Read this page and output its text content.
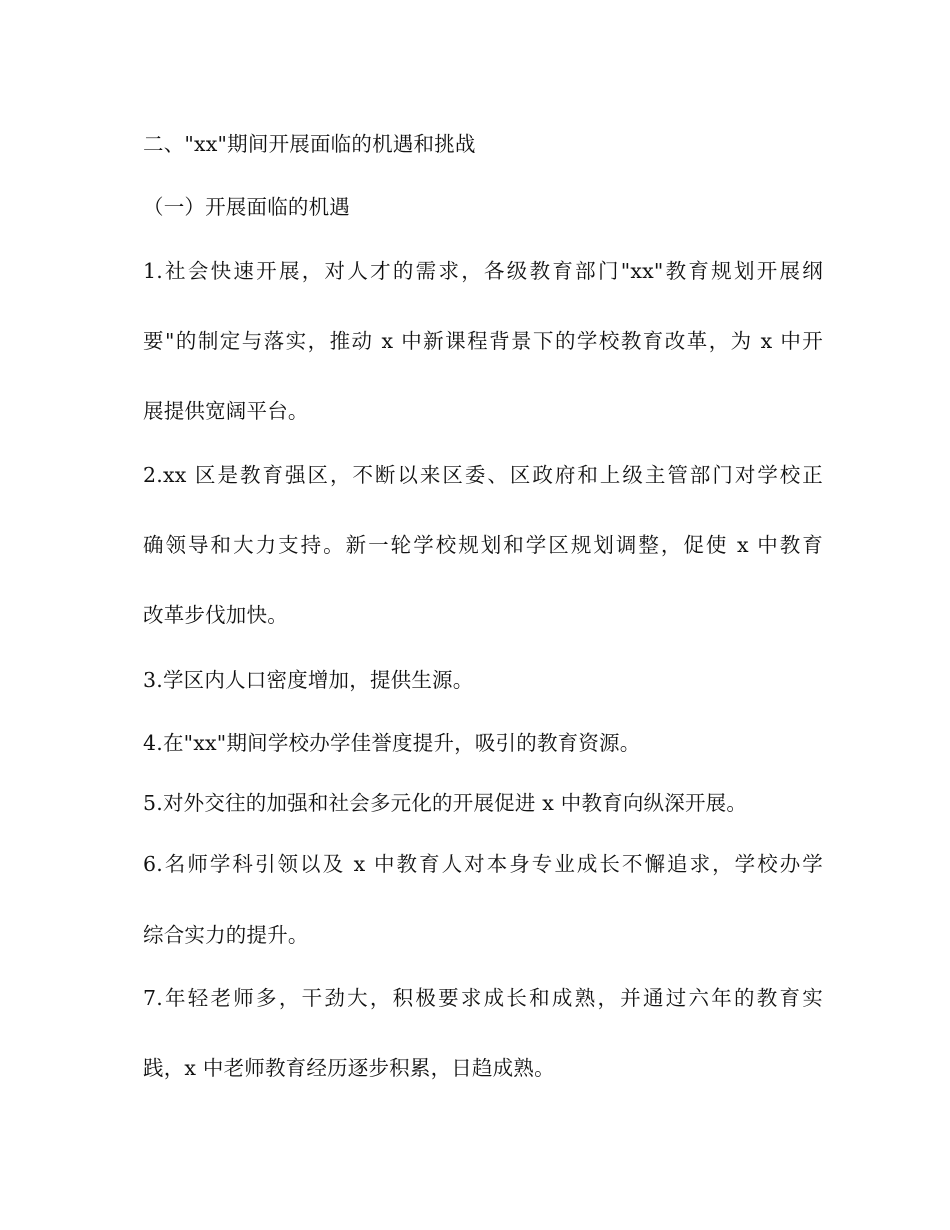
二、"xx"期间开展面临的机遇和挑战
（一）开展面临的机遇
1.社会快速开展，对人才的需求，各级教育部门"xx"教育规划开展纲
要"的制定与落实，推动 x 中新课程背景下的学校教育改革，为 x 中开
展提供宽阔平台。
2.xx 区是教育强区，不断以来区委、区政府和上级主管部门对学校正
确领导和大力支持。新一轮学校规划和学区规划调整，促使 x 中教育
改革步伐加快。
3.学区内人口密度增加，提供生源。
4.在"xx"期间学校办学佳誉度提升，吸引的教育资源。
5.对外交往的加强和社会多元化的开展促进 x 中教育向纵深开展。
6.名师学科引领以及 x 中教育人对本身专业成长不懈追求，学校办学
综合实力的提升。
7.年轻老师多，干劲大，积极要求成长和成熟，并通过六年的教育实
践，x 中老师教育经历逐步积累，日趋成熟。
